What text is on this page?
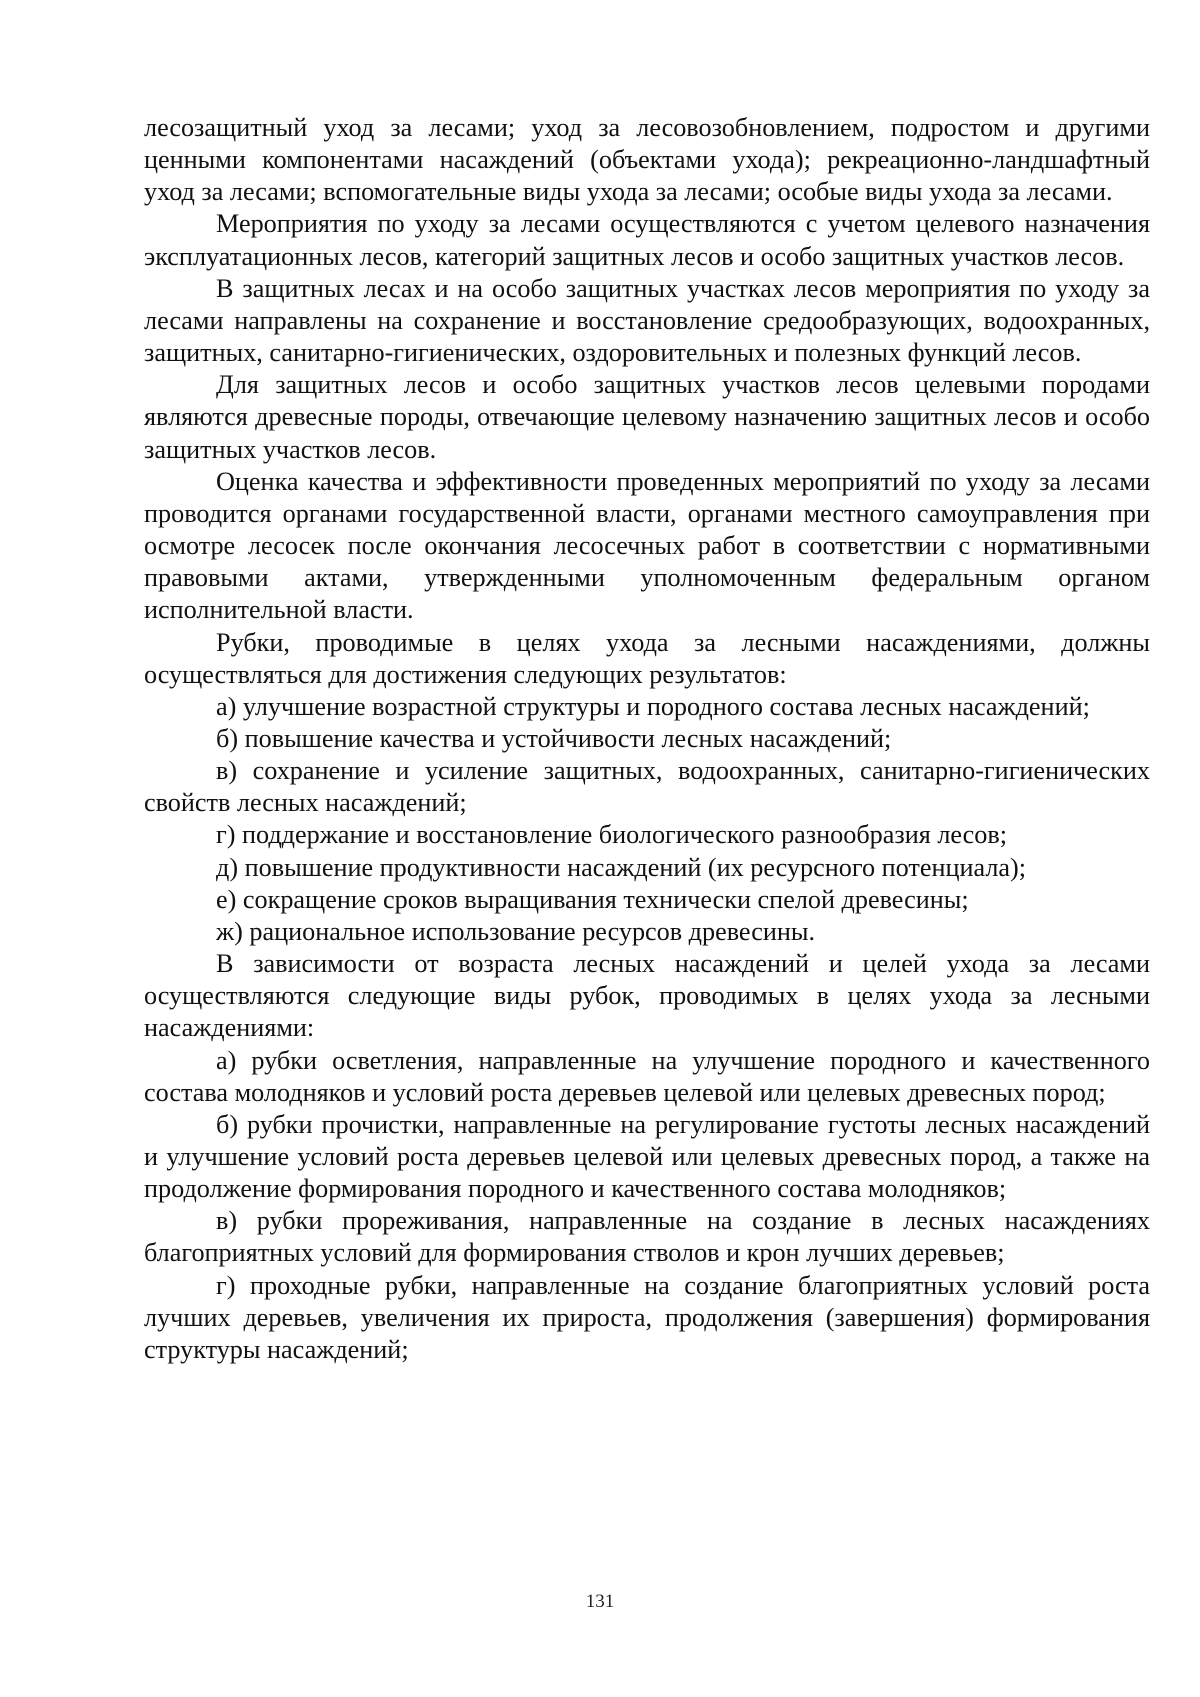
лесозащитный уход за лесами; уход за лесовозобновлением, подростом и другими ценными компонентами насаждений (объектами ухода); рекреационно-ландшафтный уход за лесами; вспомогательные виды ухода за лесами; особые виды ухода за лесами.

Мероприятия по уходу за лесами осуществляются с учетом целевого назначения эксплуатационных лесов, категорий защитных лесов и особо защитных участков лесов.

В защитных лесах и на особо защитных участках лесов мероприятия по уходу за лесами направлены на сохранение и восстановление средообразующих, водоохранных, защитных, санитарно-гигиенических, оздоровительных и полезных функций лесов.

Для защитных лесов и особо защитных участков лесов целевыми породами являются древесные породы, отвечающие целевому назначению защитных лесов и особо защитных участков лесов.

Оценка качества и эффективности проведенных мероприятий по уходу за лесами проводится органами государственной власти, органами местного самоуправления при осмотре лесосек после окончания лесосечных работ в соответствии с нормативными правовыми актами, утвержденными уполномоченным федеральным органом исполнительной власти.

Рубки, проводимые в целях ухода за лесными насаждениями, должны осуществляться для достижения следующих результатов:

а) улучшение возрастной структуры и породного состава лесных насаждений;

б) повышение качества и устойчивости лесных насаждений;

в) сохранение и усиление защитных, водоохранных, санитарно-гигиенических свойств лесных насаждений;

г) поддержание и восстановление биологического разнообразия лесов;

д) повышение продуктивности насаждений (их ресурсного потенциала);

е) сокращение сроков выращивания технически спелой древесины;

ж) рациональное использование ресурсов древесины.

В зависимости от возраста лесных насаждений и целей ухода за лесами осуществляются следующие виды рубок, проводимых в целях ухода за лесными насаждениями:

а) рубки осветления, направленные на улучшение породного и качественного состава молодняков и условий роста деревьев целевой или целевых древесных пород;

б) рубки прочистки, направленные на регулирование густоты лесных насаждений и улучшение условий роста деревьев целевой или целевых древесных пород, а также на продолжение формирования породного и качественного состава молодняков;

в) рубки прореживания, направленные на создание в лесных насаждениях благоприятных условий для формирования стволов и крон лучших деревьев;

г) проходные рубки, направленные на создание благоприятных условий роста лучших деревьев, увеличения их прироста, продолжения (завершения) формирования структуры насаждений;

131
